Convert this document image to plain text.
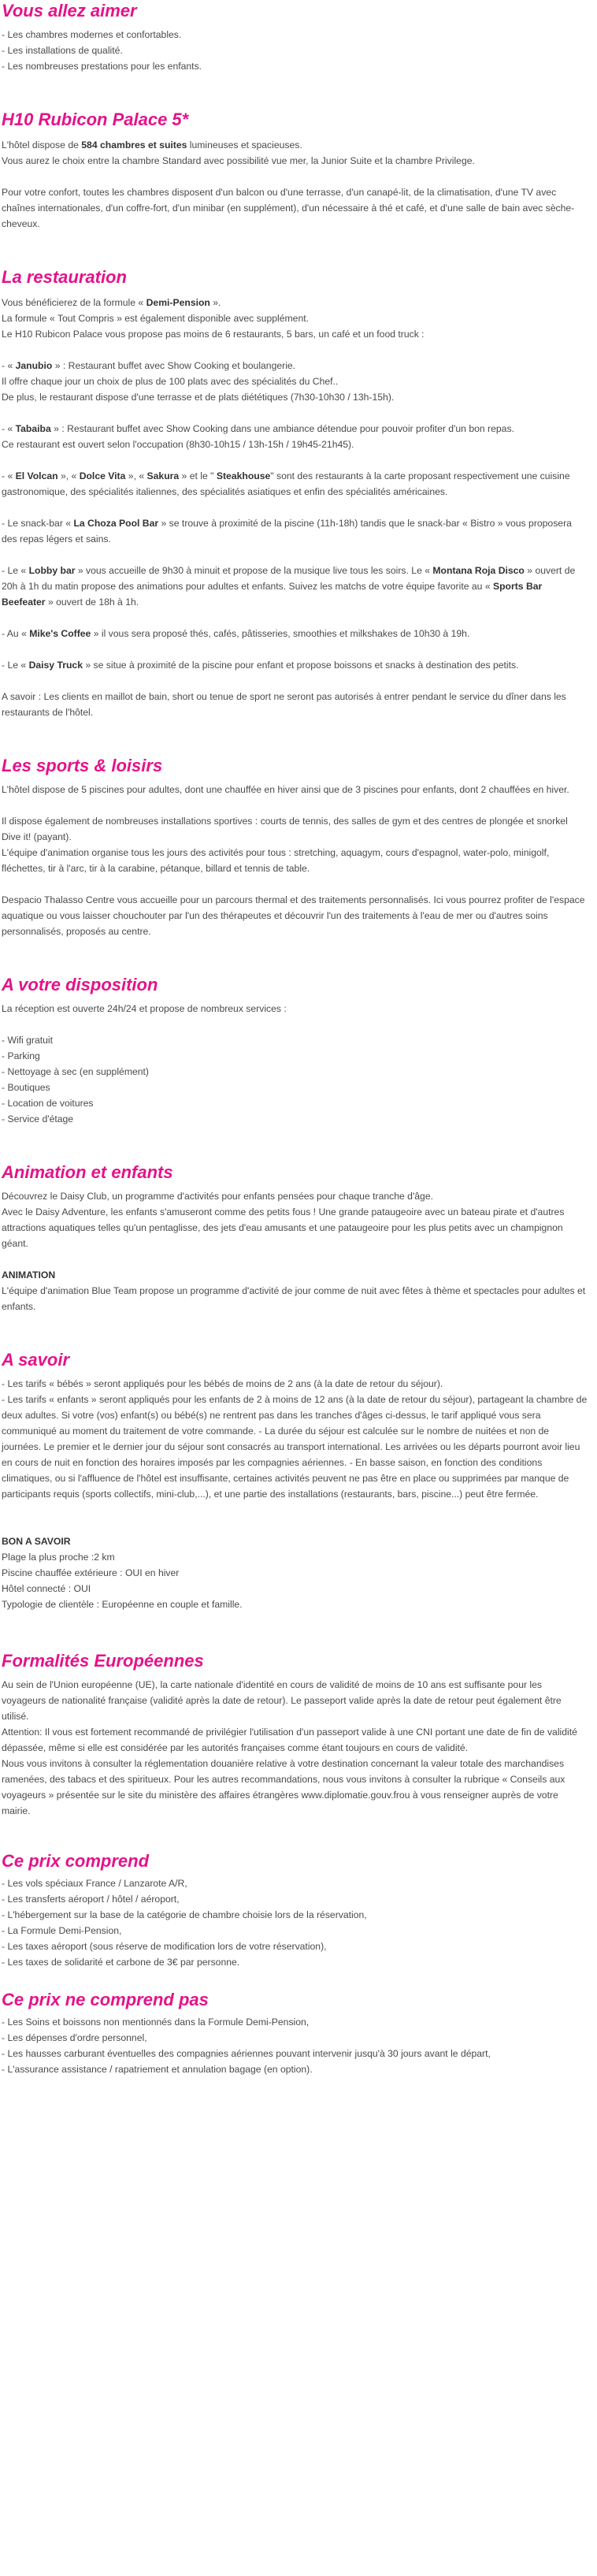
Vous allez aimer
- Les chambres modernes et confortables.
- Les installations de qualité.
- Les nombreuses prestations pour les enfants.
H10 Rubicon Palace 5*
L'hôtel dispose de 584 chambres et suites lumineuses et spacieuses.
Vous aurez le choix entre la chambre Standard avec possibilité vue mer, la Junior Suite et la chambre Privilege.
Pour votre confort, toutes les chambres disposent d'un balcon ou d'une terrasse, d'un canapé-lit, de la climatisation, d'une TV avec chaînes internationales, d'un coffre-fort, d'un minibar (en supplément), d'un nécessaire à thé et café, et d'une salle de bain avec sèche-cheveux.
La restauration
Vous bénéficierez de la formule « Demi-Pension ».
La formule « Tout Compris » est également disponible avec supplément.
Le H10 Rubicon Palace vous propose pas moins de 6 restaurants, 5 bars, un café et un food truck :
- « Janubio » : Restaurant buffet avec Show Cooking et boulangerie.
Il offre chaque jour un choix de plus de 100 plats avec des spécialités du Chef..
De plus, le restaurant dispose d'une terrasse et de plats diététiques (7h30-10h30 / 13h-15h).
- « Tabaiba » : Restaurant buffet avec Show Cooking dans une ambiance détendue pour pouvoir profiter d'un bon repas.
Ce restaurant est ouvert selon l'occupation (8h30-10h15 / 13h-15h / 19h45-21h45).
- « El Volcan », « Dolce Vita », « Sakura » et le " Steakhouse" sont des restaurants à la carte proposant respectivement une cuisine gastronomique, des spécialités italiennes, des spécialités asiatiques et enfin des spécialités américaines.
- Le snack-bar « La Choza Pool Bar » se trouve à proximité de la piscine (11h-18h) tandis que le snack-bar « Bistro » vous proposera des repas légers et sains.
- Le « Lobby bar » vous accueille de 9h30 à minuit et propose de la musique live tous les soirs. Le « Montana Roja Disco » ouvert de 20h à 1h du matin propose des animations pour adultes et enfants. Suivez les matchs de votre équipe favorite au « Sports Bar Beefeater » ouvert de 18h à 1h.
- Au « Mike's Coffee » il vous sera proposé thés, cafés, pâtisseries, smoothies et milkshakes de 10h30 à 19h.
- Le « Daisy Truck » se situe à proximité de la piscine pour enfant et propose boissons et snacks à destination des petits.
A savoir : Les clients en maillot de bain, short ou tenue de sport ne seront pas autorisés à entrer pendant le service du dîner dans les restaurants de l'hôtel.
Les sports & loisirs
L'hôtel dispose de 5 piscines pour adultes, dont une chauffée en hiver ainsi que de 3 piscines pour enfants, dont 2 chauffées en hiver.
Il dispose également de nombreuses installations sportives : courts de tennis, des salles de gym et des centres de plongée et snorkel Dive it! (payant).
L'équipe d'animation organise tous les jours des activités pour tous : stretching, aquagym, cours d'espagnol, water-polo, minigolf, fléchettes, tir à l'arc, tir à la carabine, pétanque, billard et tennis de table.
Despacio Thalasso Centre vous accueille pour un parcours thermal et des traitements personnalisés. Ici vous pourrez profiter de l'espace aquatique ou vous laisser chouchouter par l'un des thérapeutes et découvrir l'un des traitements à l'eau de mer ou d'autres soins personnalisés, proposés au centre.
A votre disposition
La réception est ouverte 24h/24 et propose de nombreux services :
- Wifi gratuit
- Parking
- Nettoyage à sec (en supplément)
- Boutiques
- Location de voitures
- Service d'étage
Animation et enfants
Découvrez le Daisy Club, un programme d'activités pour enfants pensées pour chaque tranche d'âge.
Avec le Daisy Adventure, les enfants s'amuseront comme des petits fous ! Une grande pataugeoire avec un bateau pirate et d'autres attractions aquatiques telles qu'un pentaglisse, des jets d'eau amusants et une pataugeoire pour les plus petits avec un champignon géant.
ANIMATION
L'équipe d'animation Blue Team propose un programme d'activité de jour comme de nuit avec fêtes à thème et spectacles pour adultes et enfants.
A savoir
- Les tarifs « bébés » seront appliqués pour les bébés de moins de 2 ans (à la date de retour du séjour).
- Les tarifs « enfants » seront appliqués pour les enfants de 2 à moins de 12 ans (à la date de retour du séjour), partageant la chambre de deux adultes. Si votre (vos) enfant(s) ou bébé(s) ne rentrent pas dans les tranches d'âges ci-dessus, le tarif appliqué vous sera communiqué au moment du traitement de votre commande. - La durée du séjour est calculée sur le nombre de nuitées et non de journées. Le premier et le dernier jour du séjour sont consacrés au transport international. Les arrivées ou les départs pourront avoir lieu en cours de nuit en fonction des horaires imposés par les compagnies aériennes. - En basse saison, en fonction des conditions climatiques, ou si l'affluence de l'hôtel est insuffisante, certaines activités peuvent ne pas être en place ou supprimées par manque de participants requis (sports collectifs, mini-club,...), et une partie des installations (restaurants, bars, piscine...) peut être fermée.
BON A SAVOIR
Plage la plus proche :2 km
Piscine chauffée extérieure : OUI en hiver
Hôtel connecté : OUI
Typologie de clientèle : Européenne en couple et famille.
Formalités Européennes
Au sein de l'Union européenne (UE), la carte nationale d'identité en cours de validité de moins de 10 ans est suffisante pour les voyageurs de nationalité française (validité après la date de retour). Le passeport valide après la date de retour peut également être utilisé.
Attention: Il vous est fortement recommandé de privilégier l'utilisation d'un passeport valide à une CNI portant une date de fin de validité dépassée, même si elle est considérée par les autorités françaises comme étant toujours en cours de validité.
Nous vous invitons à consulter la réglementation douanière relative à votre destination concernant la valeur totale des marchandises ramenées, des tabacs et des spiritueux. Pour les autres recommandations, nous vous invitons à consulter la rubrique « Conseils aux voyageurs » présentée sur le site du ministère des affaires étrangères www.diplomatie.gouv.frou à vous renseigner auprès de votre mairie.
Ce prix comprend
- Les vols spéciaux France / Lanzarote A/R,
- Les transferts aéroport / hôtel / aéroport,
- L'hébergement sur la base de la catégorie de chambre choisie lors de la réservation,
- La Formule Demi-Pension,
- Les taxes aéroport (sous réserve de modification lors de votre réservation),
- Les taxes de solidarité et carbone de 3€ par personne.
Ce prix ne comprend pas
- Les Soins et boissons non mentionnés dans la Formule Demi-Pension,
- Les dépenses d'ordre personnel,
- Les hausses carburant éventuelles des compagnies aériennes pouvant intervenir jusqu'à 30 jours avant le départ,
- L'assurance assistance / rapatriement et annulation bagage (en option).
